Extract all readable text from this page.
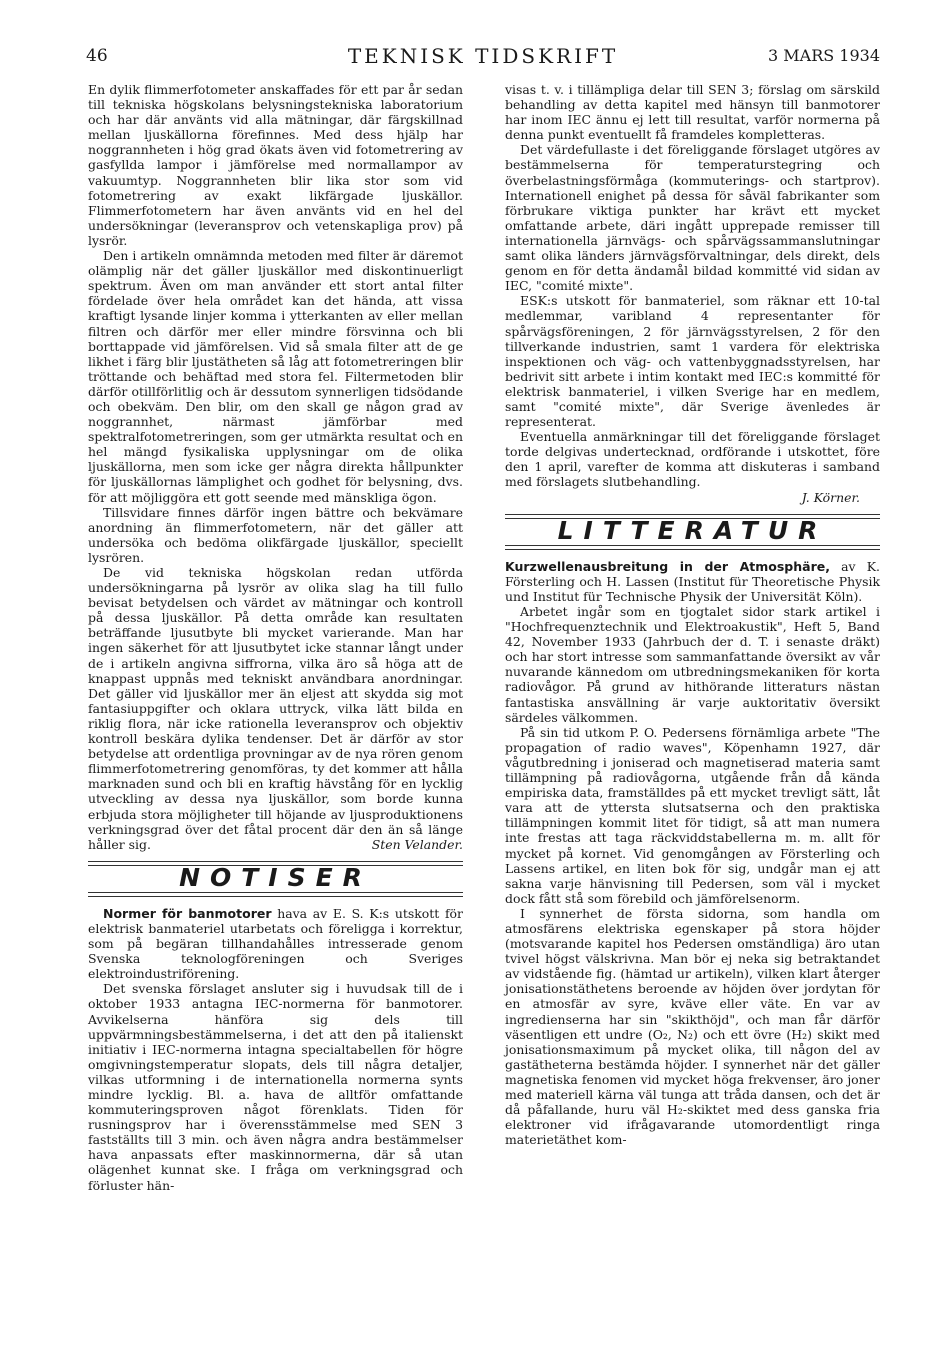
46	TEKNISK TIDSKRIFT	3 MARS 1934

En dylik flimmerfotometer anskaffades för ett par år sedan till tekniska högskolans belysningstekniska laboratorium och har där använts vid alla mätningar, där färgskillnad mellan ljuskällorna förefinnes. Med dess hjälp har noggrannheten i hög grad ökats även vid fotometrering av gasfyllda lampor i jämförelse med normallampor av vakuumtyp. Noggrannheten blir lika stor som vid fotometrering av exakt likfärgade ljuskällor. Flimmerfotometern har även använts vid en hel del undersökningar (leveransprov och vetenskapliga prov) på lysrör.

Den i artikeln omnämnda metoden med filter är däremot olämplig när det gäller ljuskällor med diskontinuerligt spektrum. Även om man använder ett stort antal filter fördelade över hela området kan det hända, att vissa kraftigt lysande linjer komma i ytterkanten av eller mellan filtren och därför mer eller mindre försvinna och bli borttappade vid jämförelsen. Vid så smala filter att de ge likhet i färg blir ljustätheten så låg att fotometreringen blir tröttande och behäftad med stora fel. Filtermetoden blir därför otillförlitlig och är dessutom synnerligen tidsödande och obekväm. Den blir, om den skall ge någon grad av noggrannhet, närmast jämförbar med spektralfotometreringen, som ger utmärkta resultat och en hel mängd fysikaliska upplysningar om de olika ljuskällorna, men som icke ger några direkta hållpunkter för ljuskällornas lämplighet och godhet för belysning, dvs. för att möjliggöra ett gott seende med mänskliga ögon.

Tillsvidare finnes därför ingen bättre och bekvämare anordning än flimmerfotometern, när det gäller att undersöka och bedöma olikfärgade ljuskällor, speciellt lysrören.

De vid tekniska högskolan redan utförda undersökningarna på lysrör av olika slag ha till fullo bevisat betydelsen och värdet av mätningar och kontroll på dessa ljuskällor. På detta område kan resultaten beträffande ljusutbyte bli mycket varierande. Man har ingen säkerhet för att ljusutbytet icke stannar långt under de i artikeln angivna siffrorna, vilka äro så höga att de knappast uppnås med tekniskt användbara anordningar. Det gäller vid ljuskällor mer än eljest att skydda sig mot fantasiuppgifter och oklara uttryck, vilka lätt bilda en riklig flora, när icke rationella leveransprov och objektiv kontroll beskära dylika tendenser. Det är därför av stor betydelse att ordentliga provningar av de nya rören genom flimmerfotometrering genomföras, ty det kommer att hålla marknaden sund och bli en kraftig hävstång för en lycklig utveckling av dessa nya ljuskällor, som borde kunna erbjuda stora möjligheter till höjande av ljusproduktionens verkningsgrad över det fåtal procent där den än så länge håller sig.	Sten Velander.

NOTISER

Normer för banmotorer hava av E. S. K:s utskott för elektrisk banmateriel utarbetats och föreligga i korrektur, som på begäran tillhandahålles intresserade genom Svenska teknologföreningen och Sveriges elektroindustriförening.

Det svenska förslaget ansluter sig i huvudsak till de i oktober 1933 antagna IEC-normerna för banmotorer. Avvikelserna hänföra sig dels till uppvärmningsbestämmelserna, i det att den på italienskt initiativ i IEC-normerna intagna specialtabellen för högre omgivningstemperatur slopats, dels till några detaljer, vilkas utformning i de internationella normerna synts mindre lycklig. Bl. a. hava de alltför omfattande kommuteringsproven något förenklats. Tiden för rusningsprov har i överensstämmelse med SEN 3 fastställts till 3 min. och även några andra bestämmelser hava anpassats efter maskinnormerna, där så utan olägenhet kunnat ske. I fråga om verkningsgrad och förluster hän-

visas t. v. i tillämpliga delar till SEN 3; förslag om särskild behandling av detta kapitel med hänsyn till banmotorer har inom IEC ännu ej lett till resultat, varför normerna på denna punkt eventuellt få framdeles kompletteras.

Det värdefullaste i det föreliggande förslaget utgöres av bestämmelserna för temperaturstegring och överbelastningsförmåga (kommuterings- och startprov). Internationell enighet på dessa för såväl fabrikanter som förbrukare viktiga punkter har krävt ett mycket omfattande arbete, däri ingått upprepade remisser till internationella järnvägs- och spårvägssammanslutningar samt olika länders järnvägsförvaltningar, dels direkt, dels genom en för detta ändamål bildad kommitté vid sidan av IEC, "comité mixte".

ESK:s utskott för banmateriel, som räknar ett 10-tal medlemmar, varibland 4 representanter för spårvägsföreningen, 2 för järnvägsstyrelsen, 2 för den tillverkande industrien, samt 1 vardera för elektriska inspektionen och väg- och vattenbyggnadsstyrelsen, har bedrivit sitt arbete i intim kontakt med IEC:s kommitté för elektrisk banmateriel, i vilken Sverige har en medlem, samt "comité mixte", där Sverige ävenledes är representerat.

Eventuella anmärkningar till det föreliggande förslaget torde delgivas undertecknad, ordförande i utskottet, före den 1 april, varefter de komma att diskuteras i samband med förslagets slutbehandling.

J. Körner.
LITTERATUR

Kurzwellenausbreitung in der Atmosphäre, av K. Försterling och H. Lassen (Institut für Theoretische Physik und Institut für Technische Physik der Universität Köln).

Arbetet ingår som en tjogtalet sidor stark artikel i "Hochfrequenztechnik und Elektroakustik", Heft 5, Band 42, November 1933 (Jahrbuch der d. T. i senaste dräkt) och har stort intresse som sammanfattande översikt av vår nuvarande kännedom om utbredningsmekaniken för korta radiovågor. På grund av hithörande litteraturs nästan fantastiska ansvällning är varje auktoritativ översikt särdeles välkommen.

På sin tid utkom P. O. Pedersens förnämliga arbete "The propagation of radio waves", Köpenhamn 1927, där vågutbredning i joniserad och magnetiserad materia samt tillämpning på radiovågorna, utgående från då kända empiriska data, framställdes på ett mycket trevligt sätt, låt vara att de yttersta slutsatserna och den praktiska tillämpningen kommit litet för tidigt, så att man numera inte frestas att taga räckviddstabellerna m. m. allt för mycket på kornet. Vid genomgången av Försterling och Lassens artikel, en liten bok för sig, undgår man ej att sakna varje hänvisning till Pedersen, som väl i mycket dock fått stå som förebild och jämförelsenorm.

I synnerhet de första sidorna, som handla om atmosfärens elektriska egenskaper på stora höjder (motsvarande kapitel hos Pedersen omständliga) äro utan tvivel högst välskrivna. Man bör ej neka sig betraktandet av vidstående fig. (hämtad ur artikeln), vilken klart återger jonisationstäthetens beroende av höjden över jordytan för en atmosfär av syre, kväve eller väte. En var av ingredienserna har sin "skikthöjd", och man får därför väsentligen ett undre (O₂, N₂) och ett övre (H₂) skikt med jonisationsmaximum på mycket olika, till någon del av gastätheterna bestämda höjder. I synnerhet när det gäller magnetiska fenomen vid mycket höga frekvenser, äro joner med materiell kärna väl tunga att tråda dansen, och det är då påfallande, huru väl H₂-skiktet med dess ganska fria elektroner vid ifrågavarande utomordentligt ringa materietäthet kom-
